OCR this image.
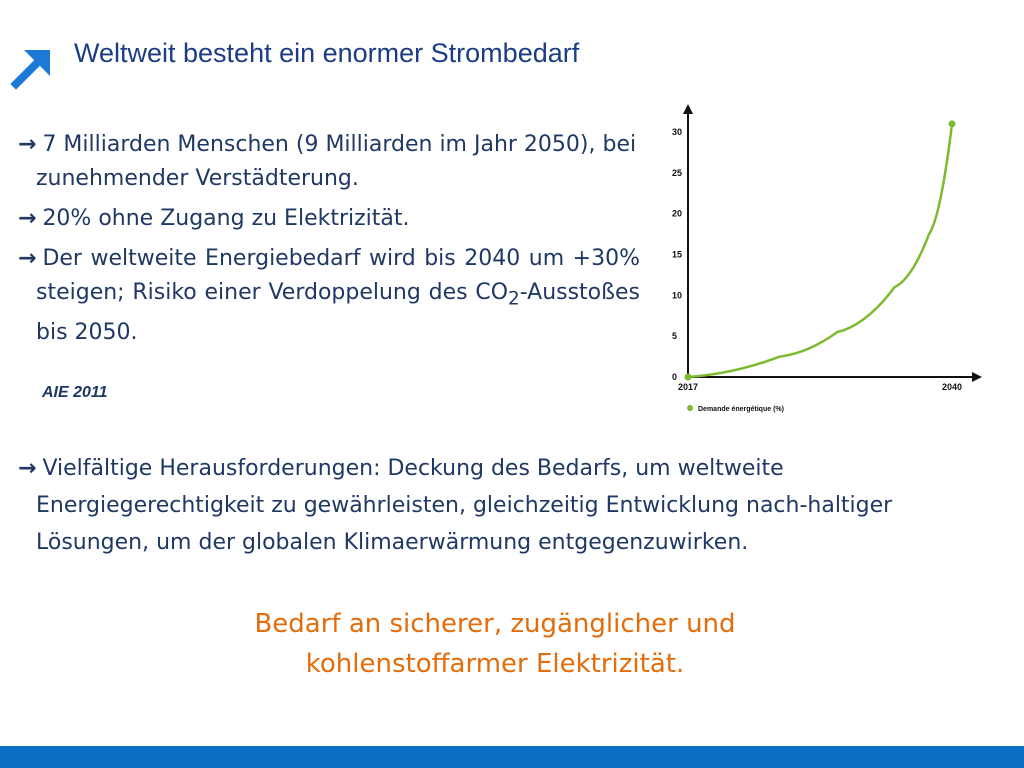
Weltweit besteht ein enormer Strombedarf
→ 7 Milliarden Menschen (9 Milliarden im Jahr 2050), bei zunehmender Verstädterung.
→ 20% ohne Zugang zu Elektrizität.
→ Der weltweite Energiebedarf wird bis 2040 um +30% steigen; Risiko einer Verdoppelung des $CO_2$-Ausstoßes bis 2050.
AIE 2011
0
5
10
15
20
25
30
2017	2040
Demande énergétique (%)
→ Vielfältige Herausforderungen: Deckung des Bedarfs, um weltweite Energiegerechtigkeit zu gewährleisten, gleichzeitig Entwicklung nach-haltiger Lösungen, um der globalen Klimaerwärmung entgegenzuwirken.
Bedarf an sicherer, zugänglicher und
kohlenstoffarmer Elektrizität.
